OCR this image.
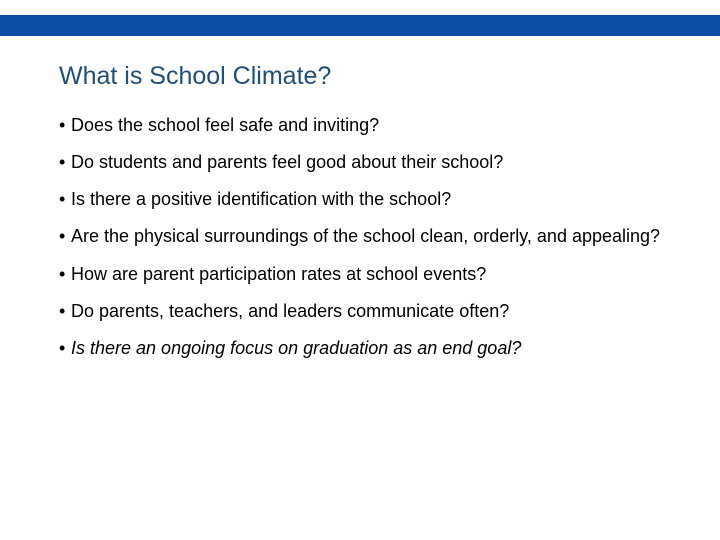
What is School Climate?
• Does the school feel safe and inviting?
• Do students and parents feel good about their school?
• Is there a positive identification with the school?
• Are the physical surroundings of the school clean, orderly, and appealing?
• How are parent participation rates at school events?
• Do parents, teachers, and leaders communicate often?
• Is there an ongoing focus on graduation as an end goal?
